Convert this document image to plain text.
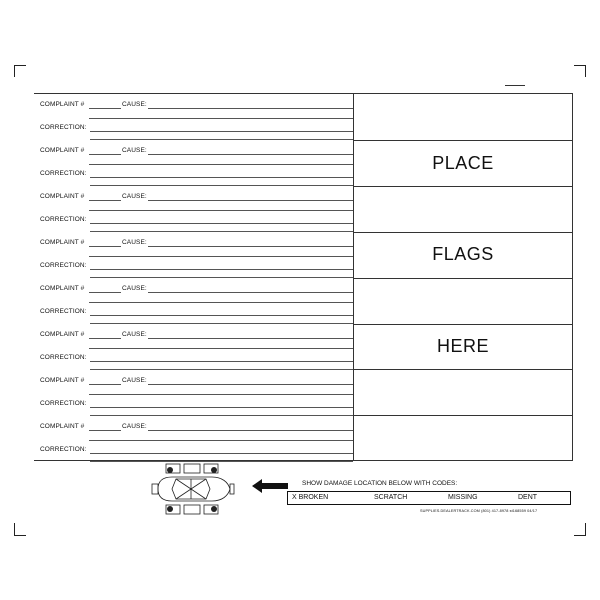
COMPLAINT #	CAUSE:
CORRECTION:
COMPLAINT #	CAUSE:
CORRECTION:
COMPLAINT #	CAUSE:
CORRECTION:
COMPLAINT #	CAUSE:
CORRECTION:
COMPLAINT #	CAUSE:
CORRECTION:
COMPLAINT #	CAUSE:
CORRECTION:
COMPLAINT #	CAUSE:
CORRECTION:
COMPLAINT #	CAUSE:
CORRECTION:
PLACE
FLAGS
HERE
SHOW DAMAGE LOCATION BELOW WITH CODES:
X BROKEN	SCRATCH	MISSING	DENT
SUPPLIES.DEALERTRACK.COM (801) 417-8978 st168559 04/17
